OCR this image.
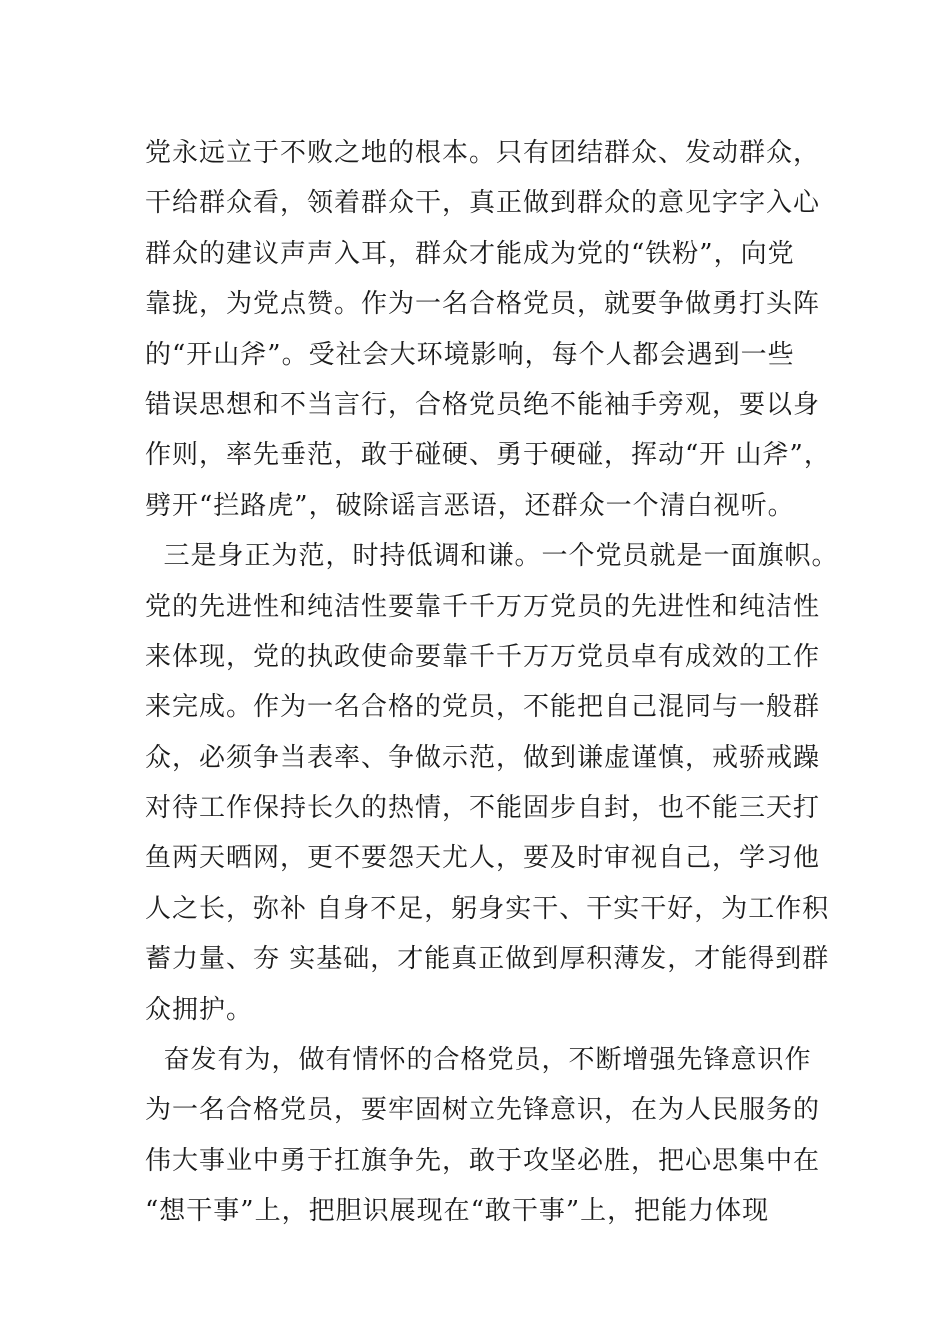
党永远立于不败之地的根本。只有团结群众、发动群众，
干给群众看，领着群众干，真正做到群众的意见字字入心
群众的建议声声入耳，群众才能成为党的“铁粉”，向党
靠拢，为党点赞。作为一名合格党员，就要争做勇打头阵
的“开山斧”。受社会大环境影响，每个人都会遇到一些
错误思想和不当言行，合格党员绝不能袖手旁观，要以身
作则，率先垂范，敢于碰硬、勇于硬碰，挥动“开 山斧”，
劈开“拦路虎”，破除谣言恶语，还群众一个清白视听。
三是身正为范，时持低调和谦。一个党员就是一面旗帜。
党的先进性和纯洁性要靠千千万万党员的先进性和纯洁性
来体现，党的执政使命要靠千千万万党员卓有成效的工作
来完成。作为一名合格的党员，不能把自己混同与一般群
众，必须争当表率、争做示范，做到谦虚谨慎，戒骄戒躁
对待工作保持长久的热情，不能固步自封，也不能三天打
鱼两天晒网，更不要怨天尤人，要及时审视自己，学习他
人之长，弥补 自身不足，躬身实干、干实干好，为工作积
蓄力量、夯 实基础，才能真正做到厚积薄发，才能得到群
众拥护。
奋发有为，做有情怀的合格党员，不断增强先锋意识作
为一名合格党员，要牢固树立先锋意识，在为人民服务的
伟大事业中勇于扛旗争先，敢于攻坚必胜，把心思集中在
“想干事”上，把胆识展现在“敢干事”上，把能力体现
